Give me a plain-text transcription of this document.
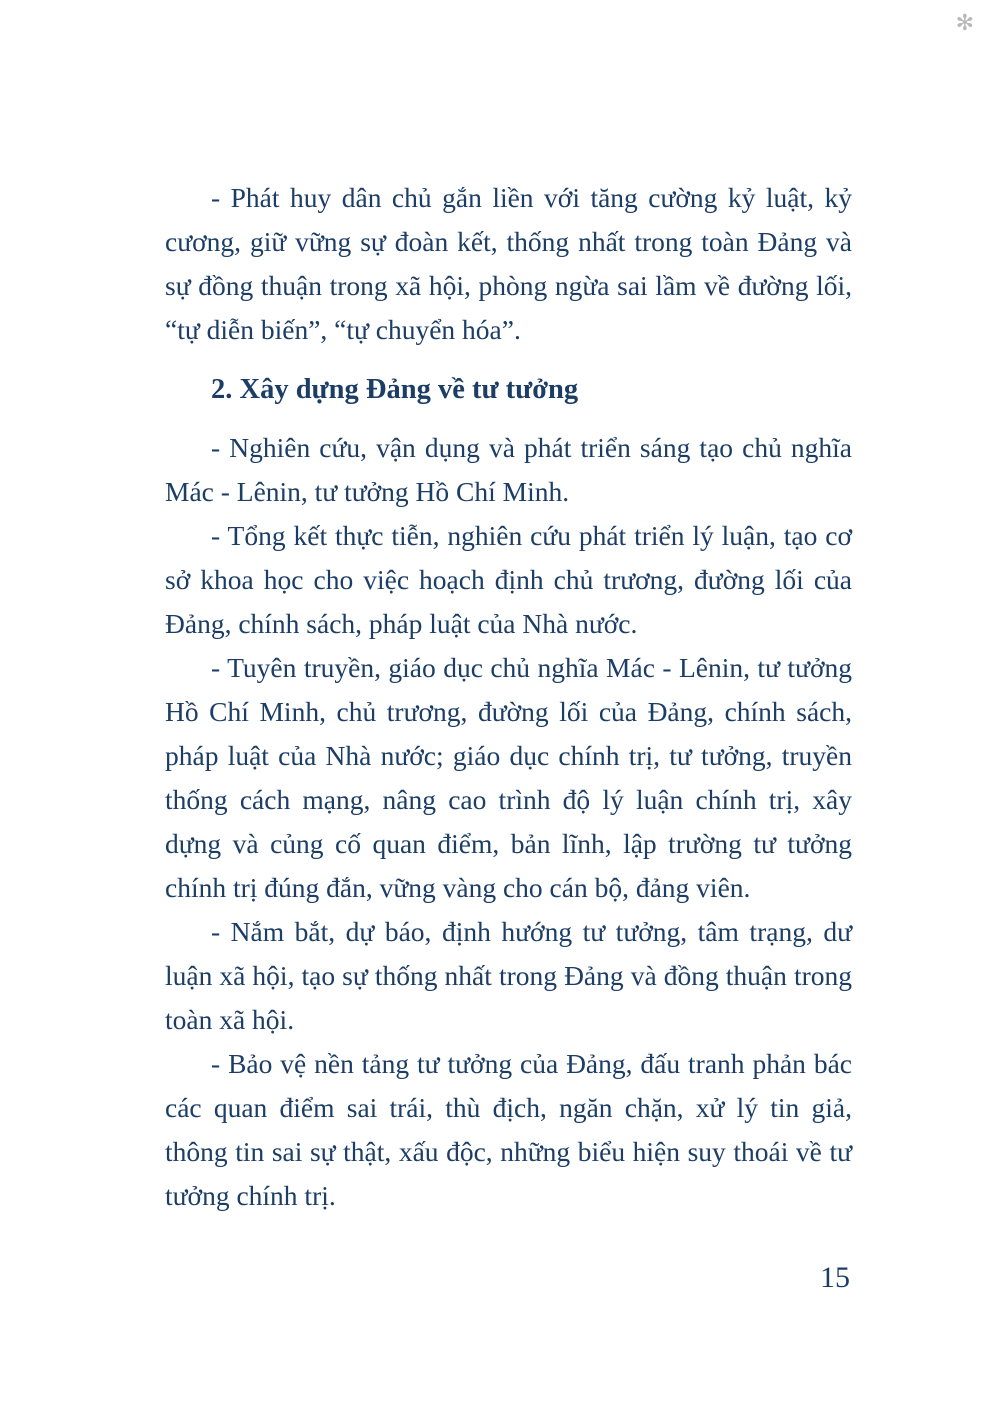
✻

- Phát huy dân chủ gắn liền với tăng cường kỷ luật, kỷ cương, giữ vững sự đoàn kết, thống nhất trong toàn Đảng và sự đồng thuận trong xã hội, phòng ngừa sai lầm về đường lối, “tự diễn biến”, “tự chuyển hóa”.

2. Xây dựng Đảng về tư tưởng

- Nghiên cứu, vận dụng và phát triển sáng tạo chủ nghĩa Mác - Lênin, tư tưởng Hồ Chí Minh.

- Tổng kết thực tiễn, nghiên cứu phát triển lý luận, tạo cơ sở khoa học cho việc hoạch định chủ trương, đường lối của Đảng, chính sách, pháp luật của Nhà nước.

- Tuyên truyền, giáo dục chủ nghĩa Mác - Lênin, tư tưởng Hồ Chí Minh, chủ trương, đường lối của Đảng, chính sách, pháp luật của Nhà nước; giáo dục chính trị, tư tưởng, truyền thống cách mạng, nâng cao trình độ lý luận chính trị, xây dựng và củng cố quan điểm, bản lĩnh, lập trường tư tưởng chính trị đúng đắn, vững vàng cho cán bộ, đảng viên.

- Nắm bắt, dự báo, định hướng tư tưởng, tâm trạng, dư luận xã hội, tạo sự thống nhất trong Đảng và đồng thuận trong toàn xã hội.

- Bảo vệ nền tảng tư tưởng của Đảng, đấu tranh phản bác các quan điểm sai trái, thù địch, ngăn chặn, xử lý tin giả, thông tin sai sự thật, xấu độc, những biểu hiện suy thoái về tư tưởng chính trị.

15
